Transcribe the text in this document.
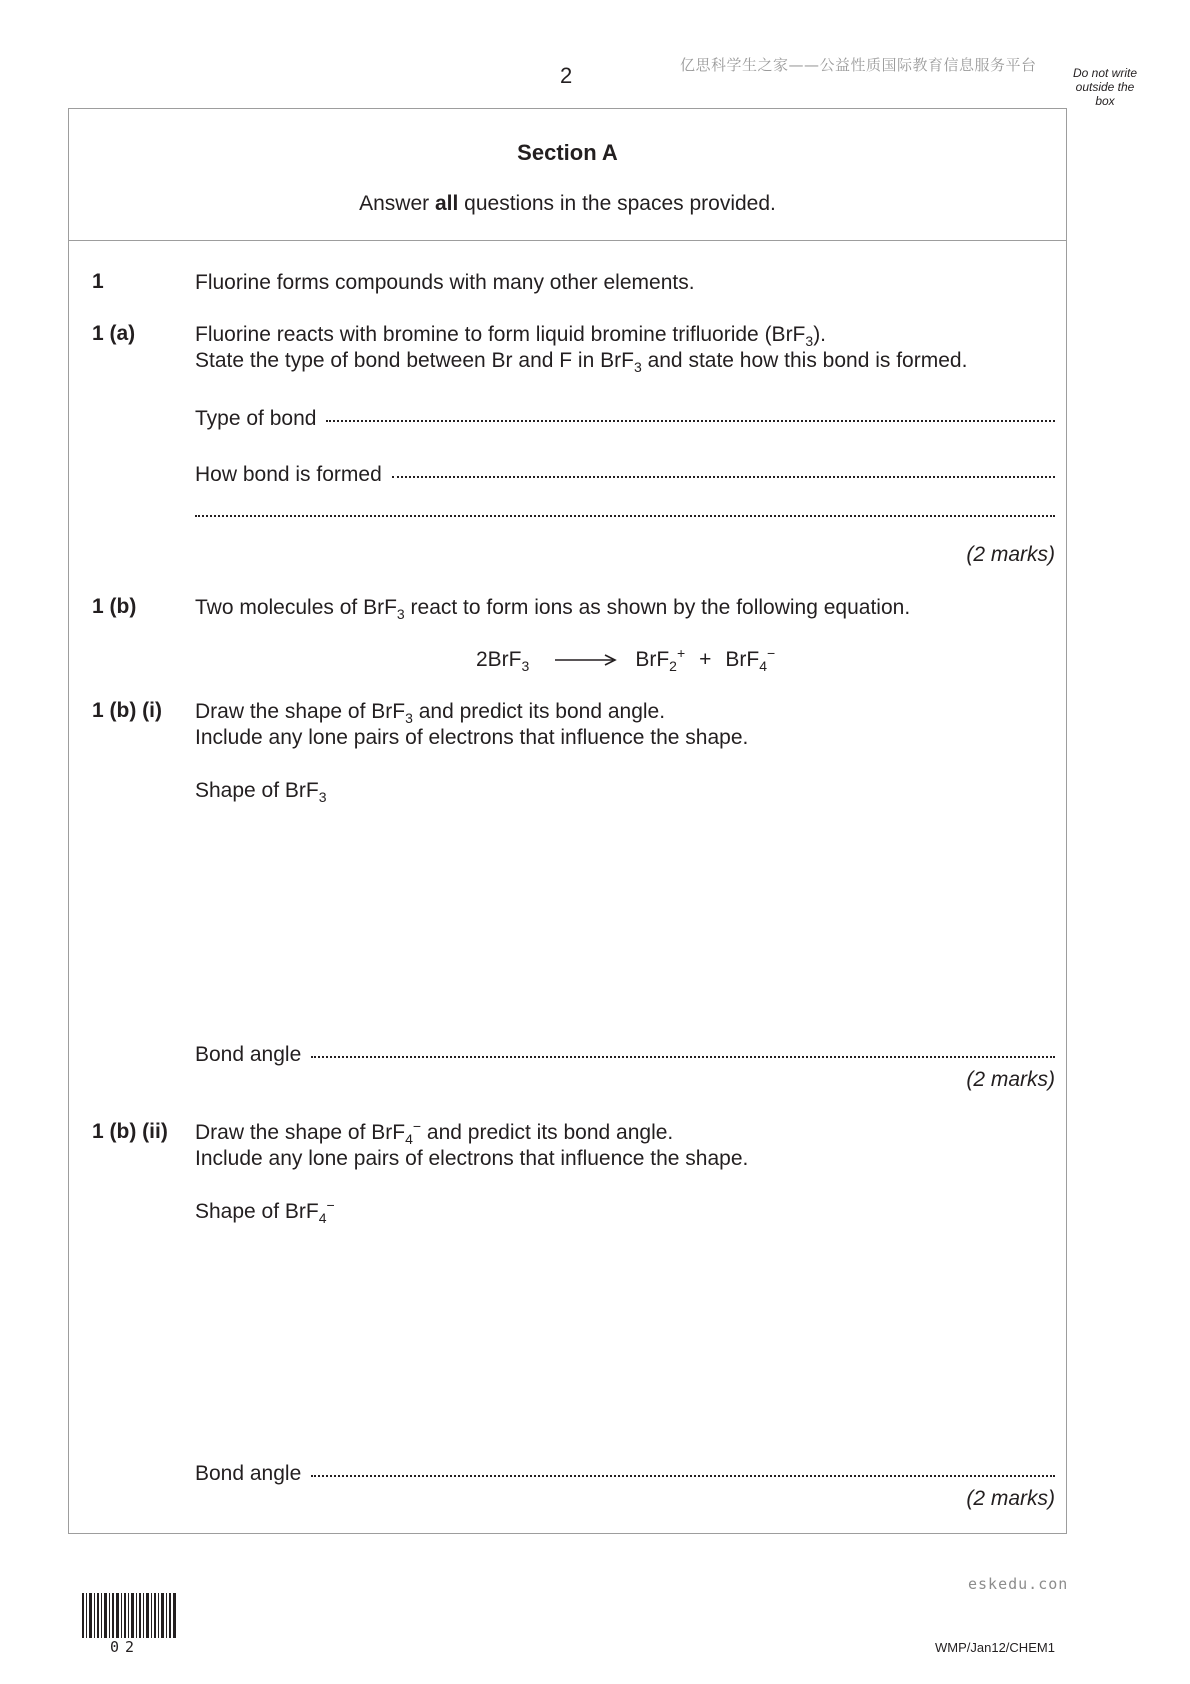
2	亿思科学生之家——公益性质国际教育信息服务平台	Do not write outside the box
Section A
Answer all questions in the spaces provided.
1	Fluorine forms compounds with many other elements.
1 (a)	Fluorine reacts with bromine to form liquid bromine trifluoride (BrF$_3$).
State the type of bond between Br and F in BrF$_3$ and state how this bond is formed.
Type of bond
How bond is formed
(2 marks)
1 (b)	Two molecules of BrF$_3$ react to form ions as shown by the following equation.
2BrF$_3$ → BrF$_2$+ + BrF$_4$−
1 (b) (i) Draw the shape of BrF$_3$ and predict its bond angle.
Include any lone pairs of electrons that influence the shape.
Shape of BrF$_3$
Bond angle
(2 marks)
1 (b) (ii) Draw the shape of BrF$_4$− and predict its bond angle.
Include any lone pairs of electrons that influence the shape.
Shape of BrF$_4$−
Bond angle
(2 marks)
eskedu.con
02	WMP/Jan12/CHEM1
